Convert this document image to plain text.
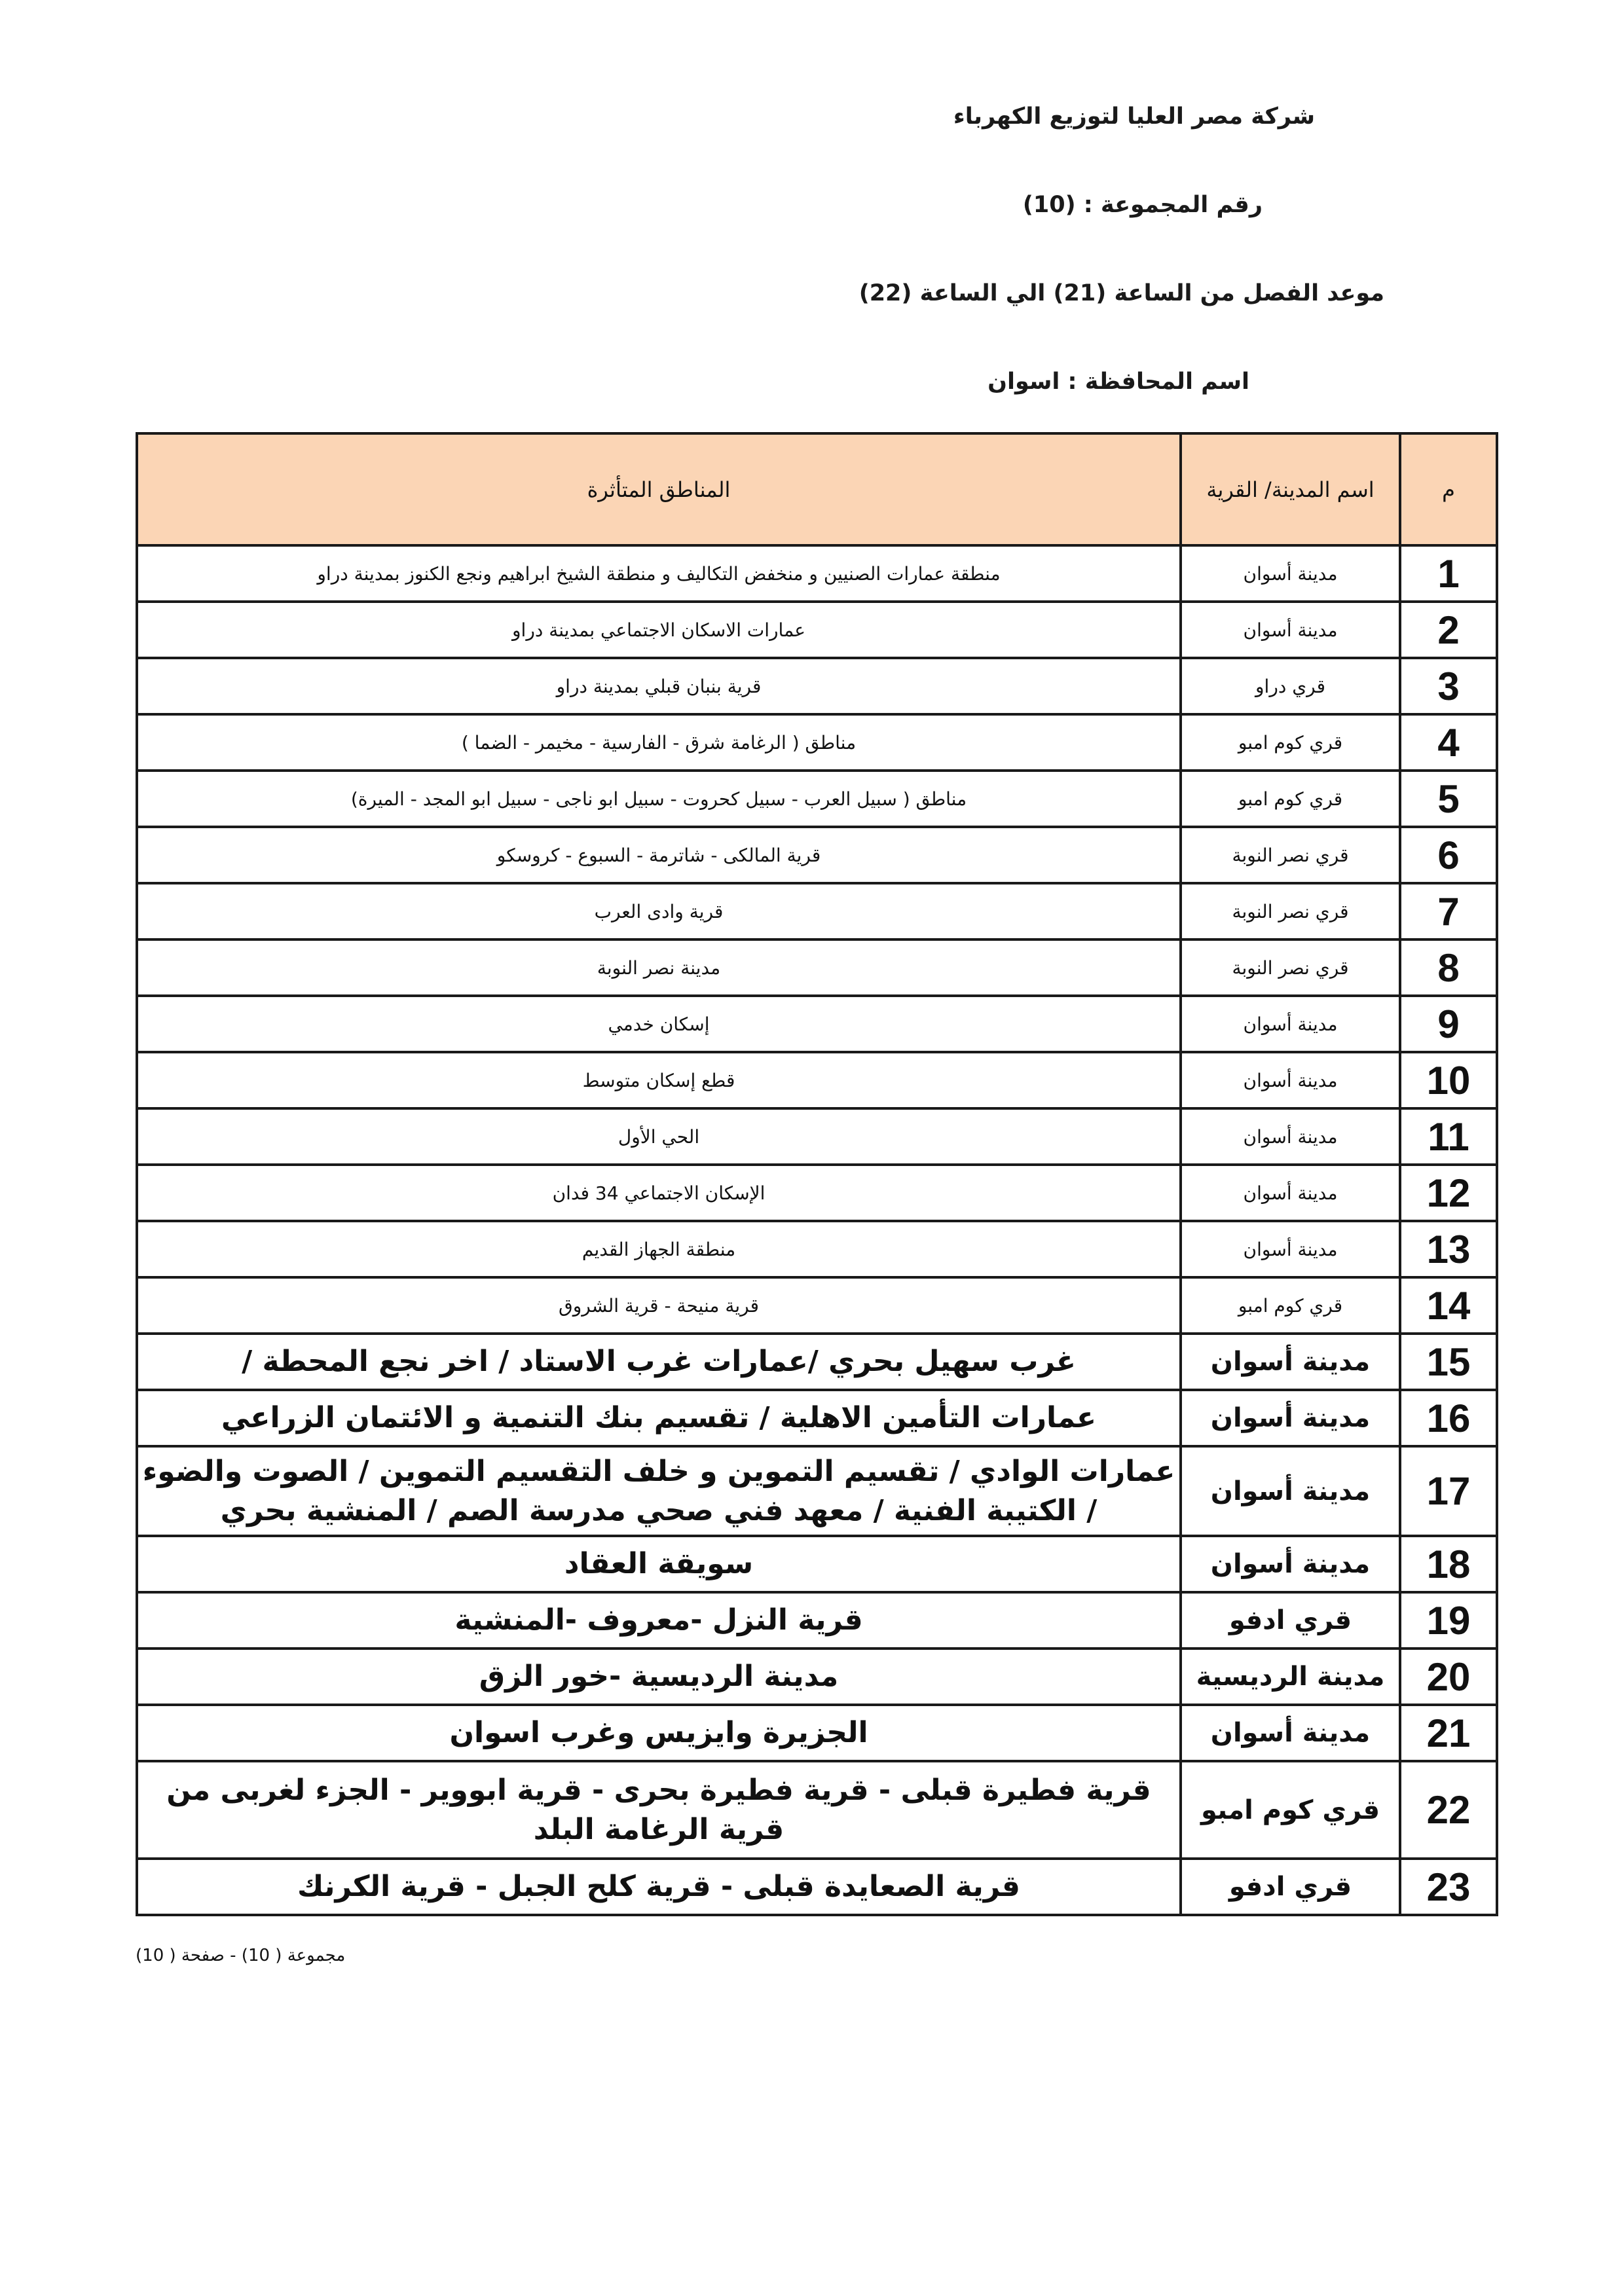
شركة مصر العليا لتوزيع الكهرباء
رقم المجموعة : (10)
موعد الفصل من الساعة (21) الي الساعة (22)
اسم المحافظة : اسوان
م	اسم المدينة/ القرية	المناطق المتأثرة
1	مدينة أسوان	منطقة عمارات الصنيين و منخفض التكاليف و منطقة الشيخ ابراهيم ونجع الكنوز بمدينة دراو
2	مدينة أسوان	عمارات الاسكان الاجتماعي بمدينة دراو
3	قري دراو	قرية بنبان قبلي بمدينة دراو
4	قري كوم امبو	مناطق ( الرغامة شرق - الفارسية - مخيمر - الضما )
5	قري كوم امبو	مناطق ( سبيل العرب - سبيل كحروت - سبيل ابو ناجى - سبيل ابو المجد - الميرة)
6	قري نصر النوبة	قرية المالكى - شاترمة - السبوع - كروسكو
7	قري نصر النوبة	قرية وادى العرب
8	قري نصر النوبة	مدينة نصر النوبة
9	مدينة أسوان	إسكان خدمي
10	مدينة أسوان	قطع إسكان متوسط
11	مدينة أسوان	الحي الأول
12	مدينة أسوان	الإسكان الاجتماعي 34 فدان
13	مدينة أسوان	منطقة الجهاز القديم
14	قري كوم امبو	قرية منيحة - قرية الشروق
15	مدينة أسوان	غرب سهيل بحري /عمارات غرب الاستاد / اخر نجع المحطة /
16	مدينة أسوان	عمارات التأمين الاهلية / تقسيم بنك التنمية و الائتمان الزراعي
17	مدينة أسوان	عمارات الوادي / تقسيم التموين و خلف التقسيم التموين / الصوت والضوء / الكتيبة الفنية / معهد فني صحي مدرسة الصم / المنشية بحري
18	مدينة أسوان	سويقة العقاد
19	قري ادفو	قرية النزل -معروف -المنشية
20	مدينة الرديسية	مدينة الرديسية -خور الزق
21	مدينة أسوان	الجزيرة وايزيس وغرب اسوان
22	قري كوم امبو	قرية فطيرة قبلى - قرية فطيرة بحرى - قرية ابووير - الجزء لغربى من قرية الرغامة البلد
23	قري ادفو	قرية الصعايدة قبلى - قرية كلح الجبل - قرية الكرنك
مجموعة ( 10) - صفحة ( 10)
